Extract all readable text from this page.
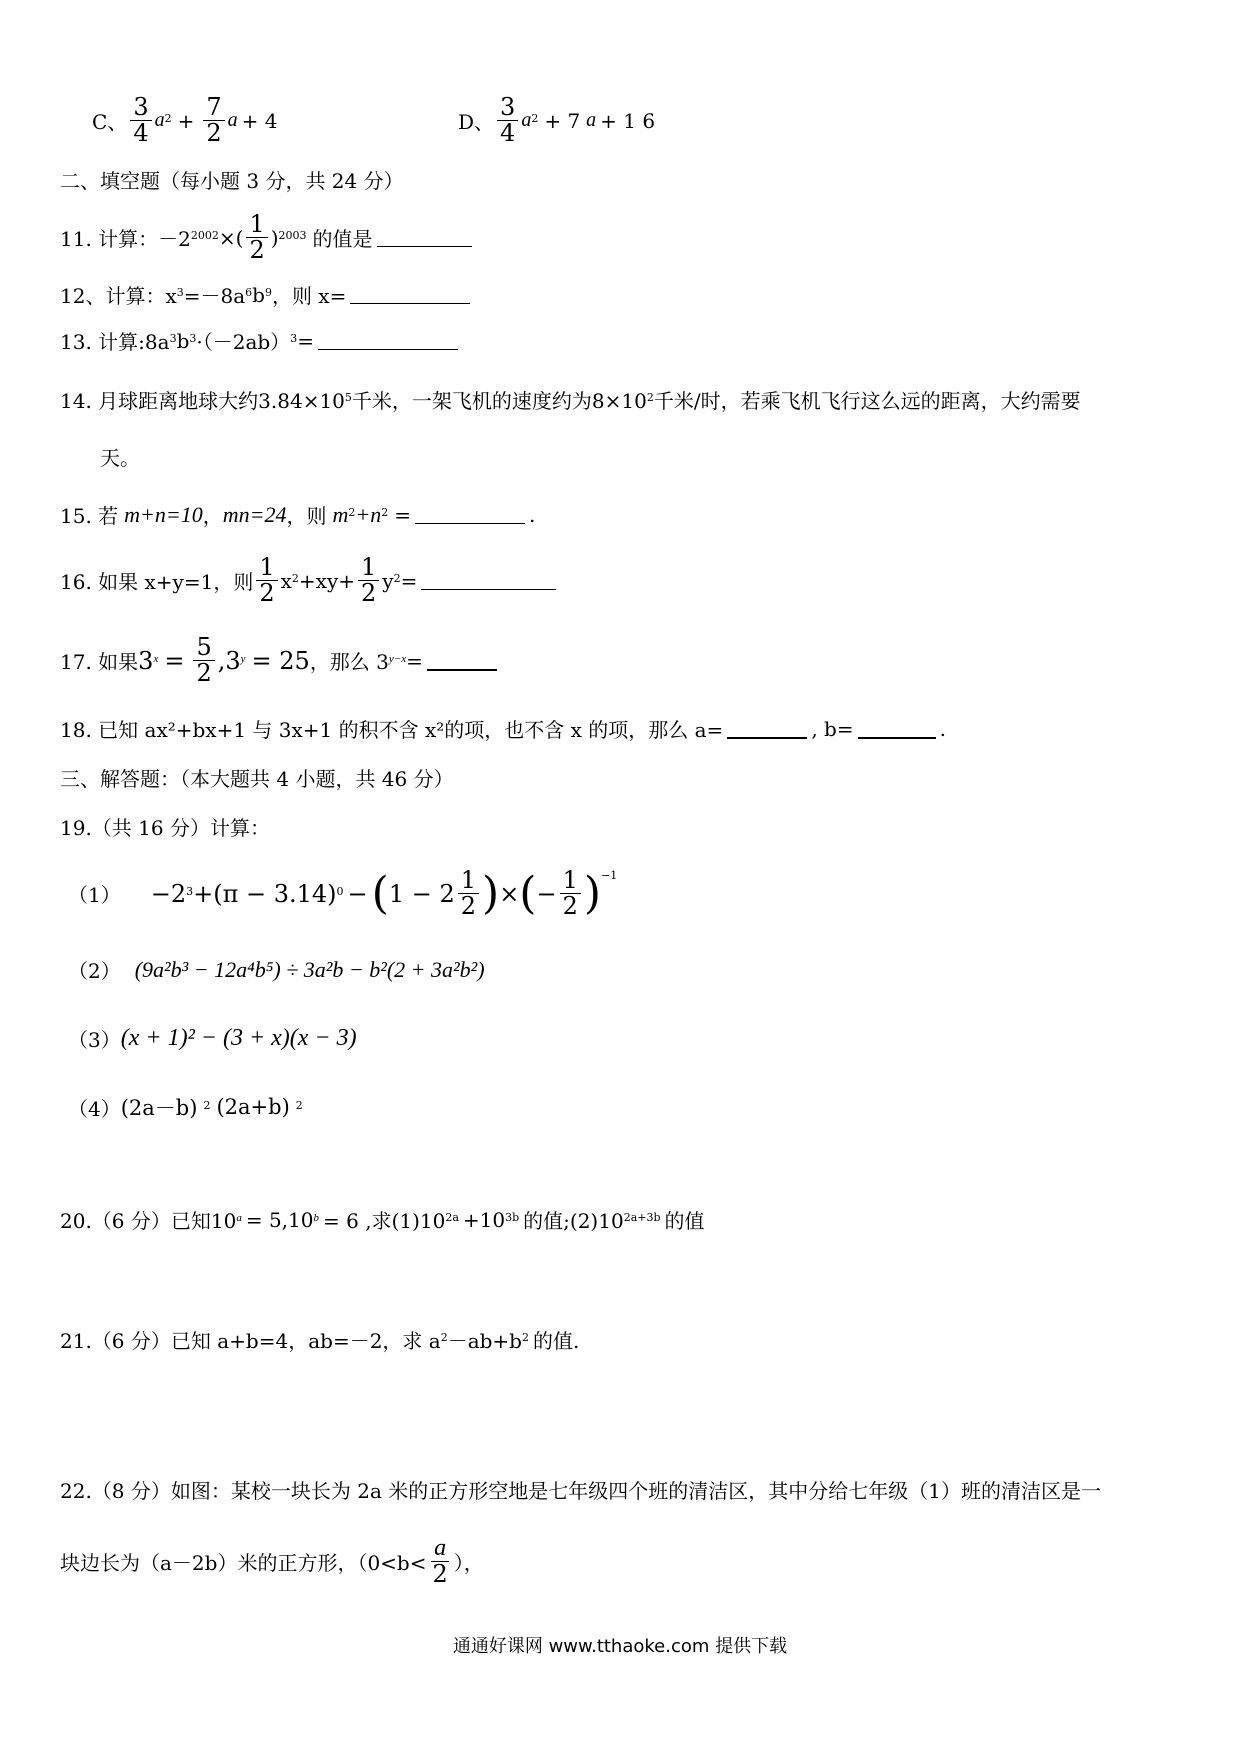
C、 $\frac{3}{4} a^2 + \frac{7}{2}$ a + 4	D、 $\frac{3}{4} a^2 + 7$ a + 1 6
二、填空题（每小题 3 分，共 24 分）
11. 计算：$-2^{2002}$ ×( $\frac{1}{2} )^{2003}$ 的值是
12、计算：$x^3 =-8a^6$ $b^9$ ，则 x=
13. 计算$:8a^3$ $b^3 \cdot(-2ab)^3$ =
14. 月球距离地球大约$3.84\times 10^5$ 千米，一架飞机的速度约为$8\times 10^2$ 千米/时，若乘飞机飞行这么远的距离，大约需要
天。
15. 若 m+n=10 ， mn=24 ，则 $m^2 +n^2$ =	.
16. 如果 x+y=1，则 $\frac{1}{2} x^2 +xy+ \frac{1}{2} y^2$ =
17. 如果 3 $^x = \frac{5}{2} ,3$ $^y$ = 25 ，那么 3 $^{y-x}$ =
18. 已知 ax²+bx+1 与 3x+1 的积不含 x²的项，也不含 x 的项，那么 a=	, b=	.
三、解答题：（本大题共 4 小题，共 46 分）
19.（共 16 分）计算：
$(1) -2^3 +(\pi - 3.14)^0$ − ( $1 - 2 \frac{1}{2}$ ) × ( − $\frac{1}{2} )^{-1}$
（2） (9a²b³ − 12a⁴b⁵) ÷ 3a²b − b²(2 + 3a²b²)
（3） (x + 1)² − (3 + x)(x − 3)
（4） (2a－b) $^2$ (2a+b) $^2$
20.（6 分）已知10 $^a$ = 5,10 $^b$ = 6 ,求$(1)10^{2a} +10^{3b}$ 的值$;(2)10^{2a+3b}$ 的值
21.（6 分）已知 a+b=4，ab=－2，求 $a^2 -ab+b^2$ 的值.
22.（8 分）如图：某校一块长为 2a 米的正方形空地是七年级四个班的清洁区，其中分给七年级（1）班的清洁区是一
块边长为（a－2b）米的正方形，（$0<b< \frac{a}{2}$ ），
通通好课网 www.tthaoke.com 提供下载
